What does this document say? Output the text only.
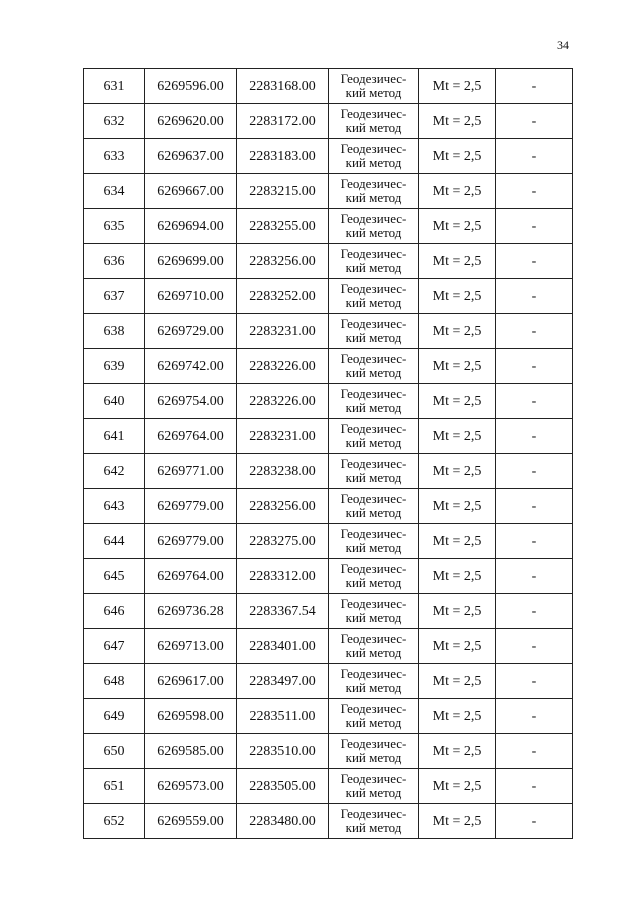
34
631	6269596.00	2283168.00	Геодезичес-
кий метод	Mt = 2,5	-
632	6269620.00	2283172.00	Геодезичес-
кий метод	Mt = 2,5	-
633	6269637.00	2283183.00	Геодезичес-
кий метод	Mt = 2,5	-
634	6269667.00	2283215.00	Геодезичес-
кий метод	Mt = 2,5	-
635	6269694.00	2283255.00	Геодезичес-
кий метод	Mt = 2,5	-
636	6269699.00	2283256.00	Геодезичес-
кий метод	Mt = 2,5	-
637	6269710.00	2283252.00	Геодезичес-
кий метод	Mt = 2,5	-
638	6269729.00	2283231.00	Геодезичес-
кий метод	Mt = 2,5	-
639	6269742.00	2283226.00	Геодезичес-
кий метод	Mt = 2,5	-
640	6269754.00	2283226.00	Геодезичес-
кий метод	Mt = 2,5	-
641	6269764.00	2283231.00	Геодезичес-
кий метод	Mt = 2,5	-
642	6269771.00	2283238.00	Геодезичес-
кий метод	Mt = 2,5	-
643	6269779.00	2283256.00	Геодезичес-
кий метод	Mt = 2,5	-
644	6269779.00	2283275.00	Геодезичес-
кий метод	Mt = 2,5	-
645	6269764.00	2283312.00	Геодезичес-
кий метод	Mt = 2,5	-
646	6269736.28	2283367.54	Геодезичес-
кий метод	Mt = 2,5	-
647	6269713.00	2283401.00	Геодезичес-
кий метод	Mt = 2,5	-
648	6269617.00	2283497.00	Геодезичес-
кий метод	Mt = 2,5	-
649	6269598.00	2283511.00	Геодезичес-
кий метод	Mt = 2,5	-
650	6269585.00	2283510.00	Геодезичес-
кий метод	Mt = 2,5	-
651	6269573.00	2283505.00	Геодезичес-
кий метод	Mt = 2,5	-
652	6269559.00	2283480.00	Геодезичес-
кий метод	Mt = 2,5	-
